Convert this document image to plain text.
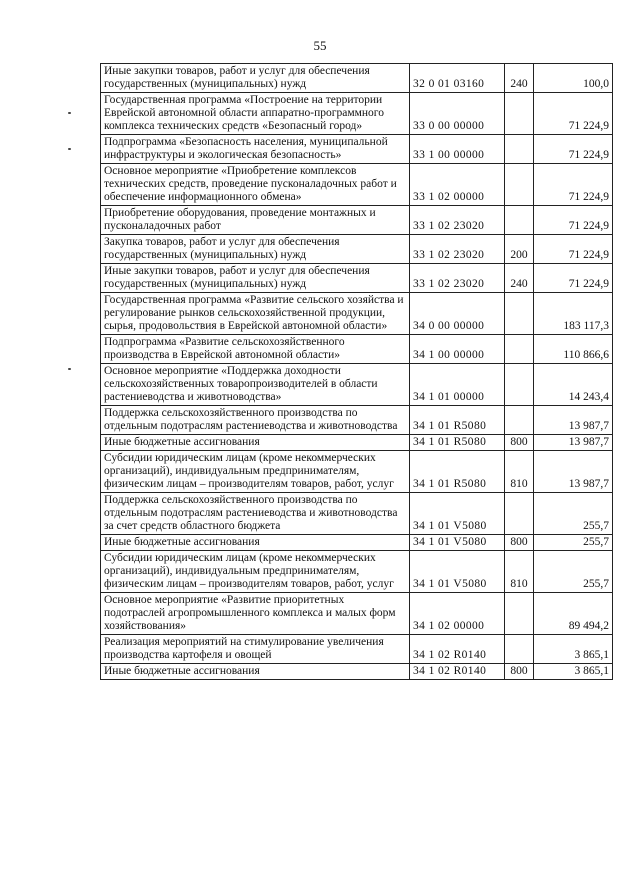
55
Иные закупки товаров, работ и услуг для обеспечения государственных (муниципальных) нужд	32 0 01 03160	240	100,0
Государственная программа «Построение на территории Еврейской автономной области аппаратно-программного комплекса технических средств «Безопасный город»	33 0 00 00000		71 224,9
Подпрограмма «Безопасность населения, муниципальной инфраструктуры и экологическая безопасность»	33 1 00 00000		71 224,9
Основное мероприятие «Приобретение комплексов технических средств, проведение пусконаладочных работ и обеспечение информационного обмена»	33 1 02 00000		71 224,9
Приобретение оборудования, проведение монтажных и пусконаладочных работ	33 1 02 23020		71 224,9
Закупка товаров, работ и услуг для обеспечения государственных (муниципальных) нужд	33 1 02 23020	200	71 224,9
Иные закупки товаров, работ и услуг для обеспечения государственных (муниципальных) нужд	33 1 02 23020	240	71 224,9
Государственная программа «Развитие сельского хозяйства и регулирование рынков сельскохозяйственной продукции, сырья, продовольствия в Еврейской автономной области»	34 0 00 00000		183 117,3
Подпрограмма «Развитие сельскохозяйственного производства в Еврейской автономной области»	34 1 00 00000		110 866,6
Основное мероприятие «Поддержка доходности сельскохозяйственных товаропроизводителей в области растениеводства и животноводства»	34 1 01 00000		14 243,4
Поддержка сельскохозяйственного производства по отдельным подотраслям растениеводства и животноводства	34 1 01 R5080		13 987,7
Иные бюджетные ассигнования	34 1 01 R5080	800	13 987,7
Субсидии юридическим лицам (кроме некоммерческих организаций), индивидуальным предпринимателям, физическим лицам – производителям товаров, работ, услуг	34 1 01 R5080	810	13 987,7
Поддержка сельскохозяйственного производства по отдельным подотраслям растениеводства и животноводства за счет средств областного бюджета	34 1 01 V5080		255,7
Иные бюджетные ассигнования	34 1 01 V5080	800	255,7
Субсидии юридическим лицам (кроме некоммерческих организаций), индивидуальным предпринимателям, физическим лицам – производителям товаров, работ, услуг	34 1 01 V5080	810	255,7
Основное мероприятие «Развитие приоритетных подотраслей агропромышленного комплекса и малых форм хозяйствования»	34 1 02 00000		89 494,2
Реализация мероприятий на стимулирование увеличения производства картофеля и овощей	34 1 02 R0140		3 865,1
Иные бюджетные ассигнования	34 1 02 R0140	800	3 865,1
